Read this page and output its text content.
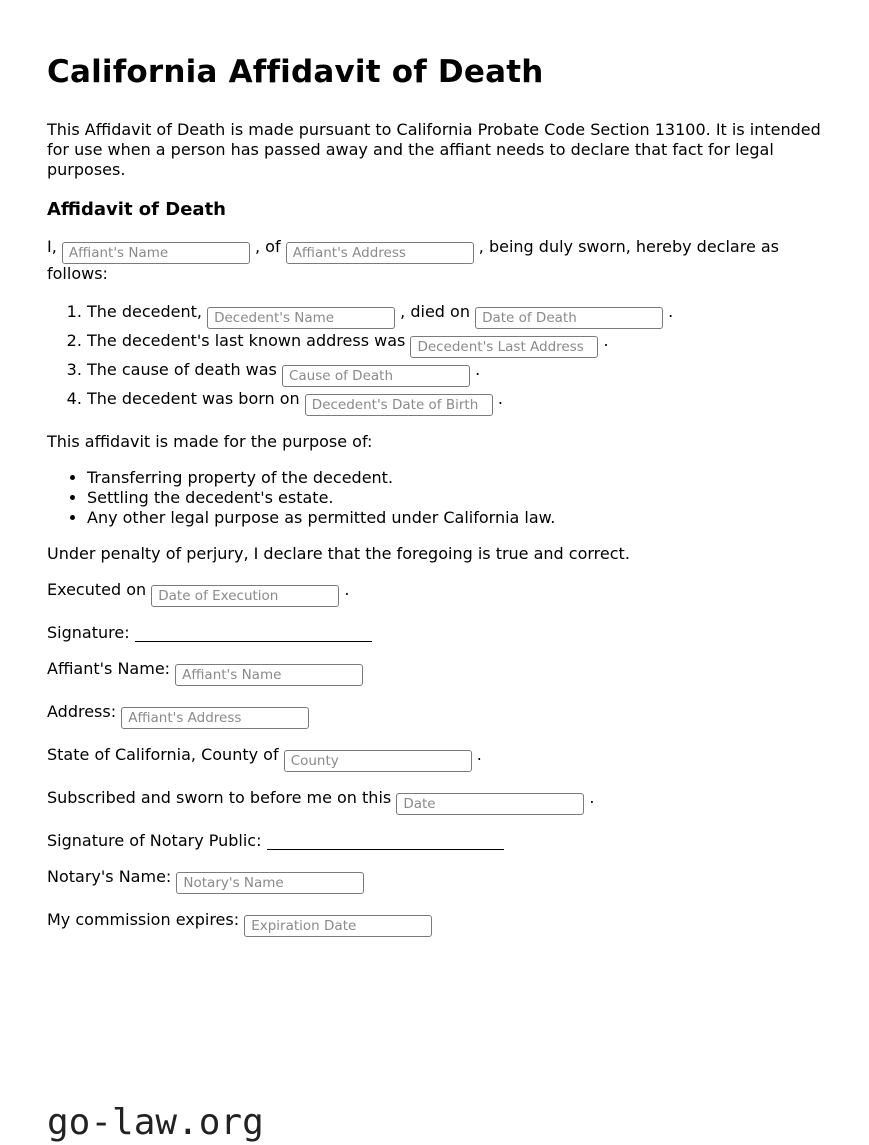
California Affidavit of Death

This Affidavit of Death is made pursuant to California Probate Code Section 13100. It is intended for use when a person has passed away and the affiant needs to declare that fact for legal purposes.

Affidavit of Death

I, Affiant's Name	, of Affiant's Address	, being duly sworn, hereby declare as follows:

1. The decedent, Decedent's Name	, died on Date of Death	.
2. The decedent's last known address was Decedent's Last Address	.
3. The cause of death was Cause of Death	.
4. The decedent was born on Decedent's Date of Birth	.

This affidavit is made for the purpose of:

• Transferring property of the decedent.
• Settling the decedent's estate.
• Any other legal purpose as permitted under California law.

Under penalty of perjury, I declare that the foregoing is true and correct.

Executed on Date of Execution	.

Signature:

Affiant's Name: Affiant's Name

Address: Affiant's Address

State of California, County of County	.

Subscribed and sworn to before me on this Date	.

Signature of Notary Public:

Notary's Name: Notary's Name

My commission expires: Expiration Date

go-law.org
